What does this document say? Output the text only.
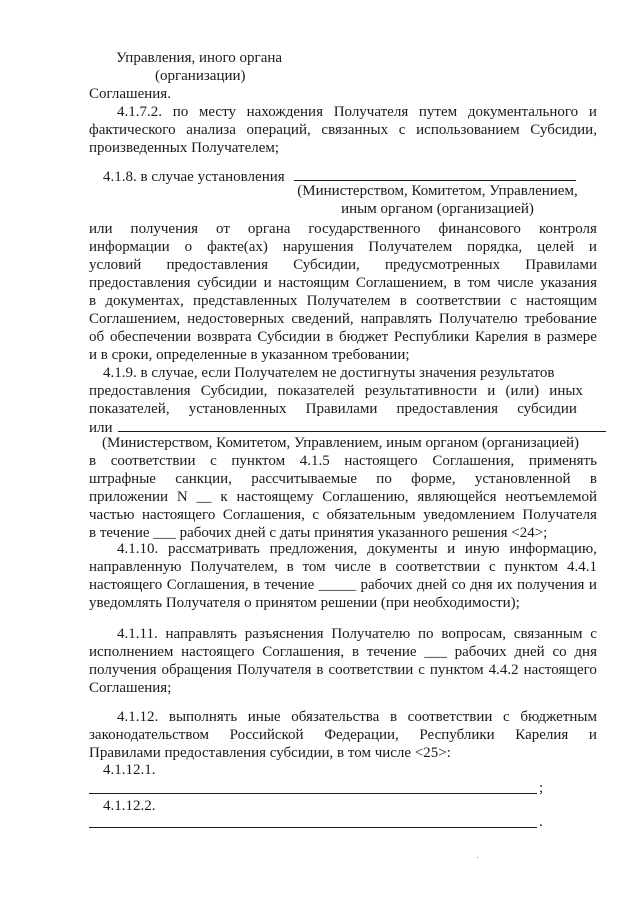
Управления, иного органа
(организации)
Соглашения.
4.1.7.2. по месту нахождения Получателя путем документального и
фактического анализа операций, связанных с использованием Субсидии,
произведенных Получателем;
4.1.8. в случае установления
(Министерством, Комитетом, Управлением,
иным органом (организацией)
или получения от органа государственного финансового контроля
информации о факте(ах) нарушения Получателем порядка, целей и
условий предоставления Субсидии, предусмотренных Правилами
предоставления субсидии и настоящим Соглашением, в том числе указания
в документах, представленных Получателем в соответствии с настоящим
Соглашением, недостоверных сведений, направлять Получателю требование
об обеспечении возврата Субсидии в бюджет Республики Карелия в размере
и в сроки, определенные в указанном требовании;
4.1.9. в случае, если Получателем не достигнуты значения результатов
предоставления Субсидии, показателей результативности и (или) иных
показателей, установленных Правилами предоставления субсидии
или
(Министерством, Комитетом, Управлением, иным органом (организацией)
в соответствии с пунктом 4.1.5 настоящего Соглашения, применять
штрафные санкции, рассчитываемые по форме, установленной в
приложении N __ к настоящему Соглашению, являющейся неотъемлемой
частью настоящего Соглашения, с обязательным уведомлением Получателя
в течение ___ рабочих дней с даты принятия указанного решения <24>;
4.1.10. рассматривать предложения, документы и иную информацию,
направленную Получателем, в том числе в соответствии с пунктом 4.4.1
настоящего Соглашения, в течение _____ рабочих дней со дня их получения и
уведомлять Получателя о принятом решении (при необходимости);
4.1.11. направлять разъяснения Получателю по вопросам, связанным с
исполнением настоящего Соглашения, в течение ___ рабочих дней со дня
получения обращения Получателя в соответствии с пунктом 4.4.2 настоящего
Соглашения;
4.1.12. выполнять иные обязательства в соответствии с бюджетным
законодательством Российской Федерации, Республики Карелия и
Правилами предоставления субсидии, в том числе <25>:
4.1.12.1.
;
4.1.12.2.
.
